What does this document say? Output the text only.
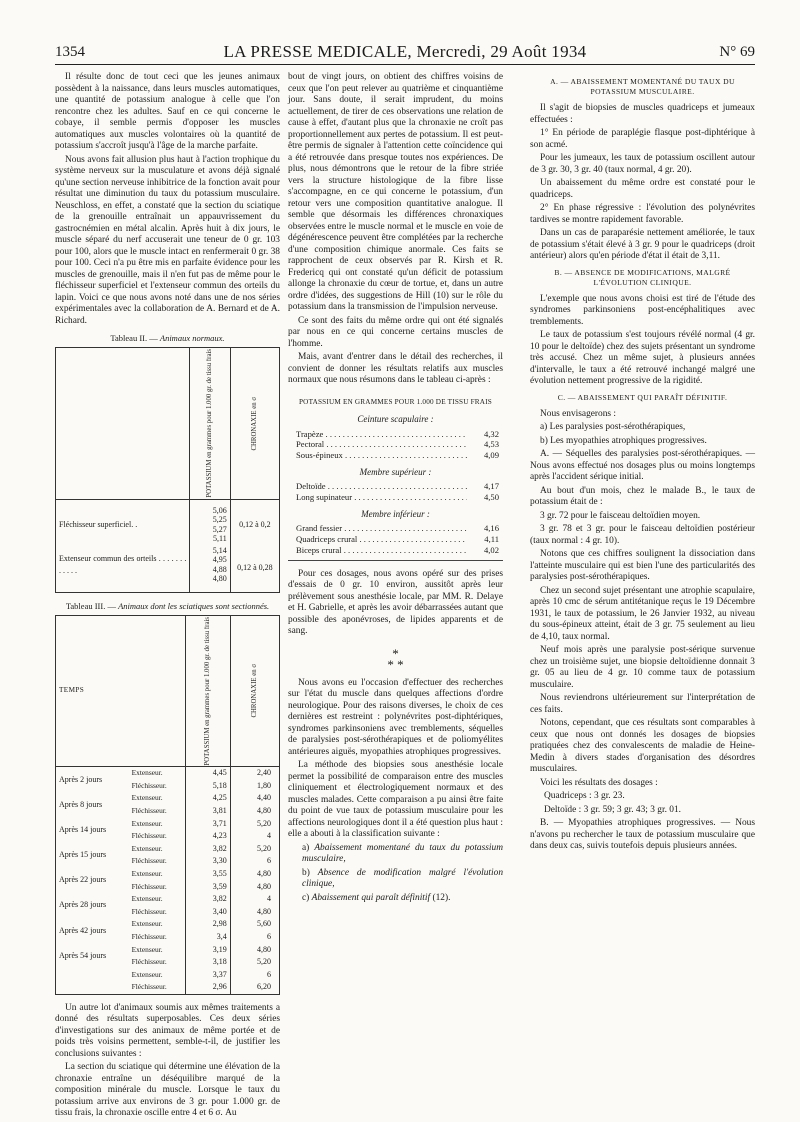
1354	LA PRESSE MEDICALE, Mercredi, 29 Août 1934	N° 69

Il résulte donc de tout ceci que les jeunes animaux possèdent à la naissance, dans leurs muscles automatiques, une quantité de potassium analogue à celle que l'on rencontre chez les adultes. Sauf en ce qui concerne le cobaye, il semble permis d'opposer les muscles automatiques aux muscles volontaires où la quantité de potassium s'accroît jusqu'à l'âge de la marche parfaite.

Nous avons fait allusion plus haut à l'action trophique du système nerveux sur la musculature et avons déjà signalé qu'une section nerveuse inhibitrice de la fonction avait pour résultat une diminution du taux du potassium musculaire. Neuschloss, en effet, a constaté que la section du sciatique de la grenouille entraînait un appauvrissement du gastrocnémien en métal alcalin. Après huit à dix jours, le muscle séparé du nerf accuserait une teneur de 0 gr. 103 pour 100, alors que le muscle intact en renfermerait 0 gr. 38 pour 100. Ceci n'a pu être mis en parfaite évidence pour les muscles de grenouille, mais il n'en fut pas de même pour le fléchisseur superficiel et l'extenseur commun des orteils du lapin. Voici ce que nous avons noté dans une de nos séries expérimentales avec la collaboration de A. Bernard et de A. Richard.

Tableau II. — Animaux normaux.

	POTASSIUM en grammes pour 1.000 gr. de tissu frais	CHRONAXIE en σ

Fléchisseur superficiel. .	5,06
5,25
5,27
5,11	0,12 à 0,2
Extenseur commun des orteils . . . . . . . . . . . .	5,14
4,95
4,88
4,80	0,12 à 0,28
Tableau III. — Animaux dont les sciatiques sont sectionnés.
TEMPS		POTASSIUM en grammes pour 1.000 gr. de tissu frais	CHRONAXIE en σ

Après 2 jours	Extenseur.	4,45	2,40
	Fléchisseur.	5,18	1,80
Après 8 jours	Extenseur.	4,25	4,40
	Fléchisseur.	3,81	4,80
Après 14 jours	Extenseur.	3,71	5,20
	Fléchisseur.	4,23	4
Après 15 jours	Extenseur.	3,82	5,20
	Fléchisseur.	3,30	6
Après 22 jours	Extenseur.	3,55	4,80
	Fléchisseur.	3,59	4,80
Après 28 jours	Extenseur.	3,82	4
	Fléchisseur.	3,40	4,80
Après 42 jours	Extenseur.	2,98	5,60
	Fléchisseur.	3,4	6
Après 54 jours	Extenseur.	3,19	4,80
	Fléchisseur.	3,18	5,20
	Extenseur.	3,37	6
	Fléchisseur.	2,96	6,20

Un autre lot d'animaux soumis aux mêmes traitements a donné des résultats superposables. Ces deux séries d'investigations sur des animaux de même portée et de poids très voisins permettent, semble-t-il, de justifier les conclusions suivantes :

La section du sciatique qui détermine une élévation de la chronaxie entraîne un déséquilibre marqué de la composition minérale du muscle. Lorsque le taux du potassium arrive aux environs de 3 gr. pour 1.000 gr. de tissu frais, la chronaxie oscille entre 4 et 6 σ. Au

bout de vingt jours, on obtient des chiffres voisins de ceux que l'on peut relever au quatrième et cinquantième jour. Sans doute, il serait imprudent, du moins actuellement, de tirer de ces observations une relation de cause à effet, d'autant plus que la chronaxie ne croît pas proportionnellement aux pertes de potassium. Il est peut-être permis de signaler à l'attention cette coïncidence qui a été retrouvée dans presque toutes nos expériences. De plus, nous démontrons que le retour de la fibre striée vers la structure histologique de la fibre lisse s'accompagne, en ce qui concerne le potassium, d'un retour vers une composition quantitative analogue. Il semble que désormais les différences chronaxiques observées entre le muscle normal et le muscle en voie de dégénérescence peuvent être complétées par la recherche d'une composition chimique anormale. Ces faits se rapprochent de ceux observés par R. Kirsh et R. Fredericq qui ont constaté qu'un déficit de potassium allonge la chronaxie du cœur de tortue, et, dans un autre ordre d'idées, des suggestions de Hill (10) sur le rôle du potassium dans la transmission de l'impulsion nerveuse.

Ce sont des faits du même ordre qui ont été signalés par nous en ce qui concerne certains muscles de l'homme.

Mais, avant d'entrer dans le détail des recherches, il convient de donner les résultats relatifs aux muscles normaux que nous résumons dans le tableau ci-après :

POTASSIUM EN GRAMMES POUR 1.000 DE TISSU FRAIS
Ceinture scapulaire :
Trapèze . . .	4,32
Pectoral . . .	4,53
Sous-épineux . . .	4,09
Membre supérieur :
Deltoïde . . .	4,17
Long supinateur . . .	4,50
Membre inférieur :
Grand fessier . . .	4,16
Quadriceps crural . . .	4,11
Biceps crural . . .	4,02

Pour ces dosages, nous avons opéré sur des prises d'essais de 0 gr. 10 environ, aussitôt après leur prélèvement sous anesthésie locale, par MM. R. Delaye et H. Gabrielle, et après les avoir débarrassées autant que possible des aponévroses, de lipides apparents et de sang.

*
* *

Nous avons eu l'occasion d'effectuer des recherches sur l'état du muscle dans quelques affections d'ordre neurologique. Pour des raisons diverses, le choix de ces dernières est restreint : polynévrites post-diphtériques, syndromes parkinsoniens avec tremblements, séquelles de paralysies post-sérothérapiques et de poliomyélites antérieures aiguës, myopathies atrophiques progressives.

La méthode des biopsies sous anesthésie locale permet la possibilité de comparaison entre des muscles cliniquement et électrologiquement normaux et des muscles malades. Cette comparaison a pu ainsi être faite du point de vue taux de potassium musculaire pour les affections neurologiques dont il a été question plus haut : elle a abouti à la classification suivante :

a) Abaissement momentané du taux du potassium musculaire,

b) Absence de modification malgré l'évolution clinique,

c) Abaissement qui paraît définitif (12).

A. — ABAISSEMENT MOMENTANÉ DU TAUX DU POTASSIUM MUSCULAIRE.

Il s'agit de biopsies de muscles quadriceps et jumeaux effectuées :

1° En période de paraplégie flasque post-diphtérique à son acmé.

Pour les jumeaux, les taux de potassium oscillent autour de 3 gr. 30, 3 gr. 40 (taux normal, 4 gr. 20).

Un abaissement du même ordre est constaté pour le quadriceps.

2° En phase régressive : l'évolution des polynévrites tardives se montre rapidement favorable.

Dans un cas de paraparésie nettement améliorée, le taux de potassium s'était élevé à 3 gr. 9 pour le quadriceps (droit antérieur) alors qu'en période d'état il était de 3,11.

B. — ABSENCE DE MODIFICATIONS, MALGRÉ L'ÉVOLUTION CLINIQUE.

L'exemple que nous avons choisi est tiré de l'étude des syndromes parkinsoniens post-encéphalitiques avec tremblements.

Le taux de potassium s'est toujours révélé normal (4 gr. 10 pour le deltoïde) chez des sujets présentant un syndrome très accusé. Chez un même sujet, à plusieurs années d'intervalle, le taux a été retrouvé inchangé malgré une évolution nettement progressive de la rigidité.

C. — ABAISSEMENT QUI PARAÎT DÉFINITIF.

Nous envisagerons :

a) Les paralysies post-sérothérapiques,

b) Les myopathies atrophiques progressives.

A. — Séquelles des paralysies post-sérothérapiques. — Nous avons effectué nos dosages plus ou moins longtemps après l'accident sérique initial.

Au bout d'un mois, chez le malade B., le taux de potassium était de :

3 gr. 72 pour le faisceau deltoïdien moyen.

3 gr. 78 et 3 gr. pour le faisceau deltoïdien postérieur (taux normal : 4 gr. 10).

Notons que ces chiffres soulignent la dissociation dans l'atteinte musculaire qui est bien l'une des particularités des paralysies post-sérothérapiques.

Chez un second sujet présentant une atrophie scapulaire, après 10 cmc de sérum antitétanique reçus le 19 Décembre 1931, le taux de potassium, le 26 Janvier 1932, au niveau du sous-épineux atteint, était de 3 gr. 75 seulement au lieu de 4,10, taux normal.

Neuf mois après une paralysie post-sérique survenue chez un troisième sujet, une biopsie deltoïdienne donnait 3 gr. 05 au lieu de 4 gr. 10 comme taux de potassium musculaire.

Nous reviendrons ultérieurement sur l'interprétation de ces faits.

Notons, cependant, que ces résultats sont comparables à ceux que nous ont donnés les dosages de biopsies pratiquées chez des convalescents de maladie de Heine-Medin à divers stades d'organisation des désordres musculaires.

Voici les résultats des dosages :

Quadriceps : 3 gr. 23.

Deltoïde : 3 gr. 59; 3 gr. 43; 3 gr. 01.

B. — Myopathies atrophiques progressives. — Nous n'avons pu rechercher le taux de potassium musculaire que dans deux cas, suivis toutefois depuis plusieurs années.
